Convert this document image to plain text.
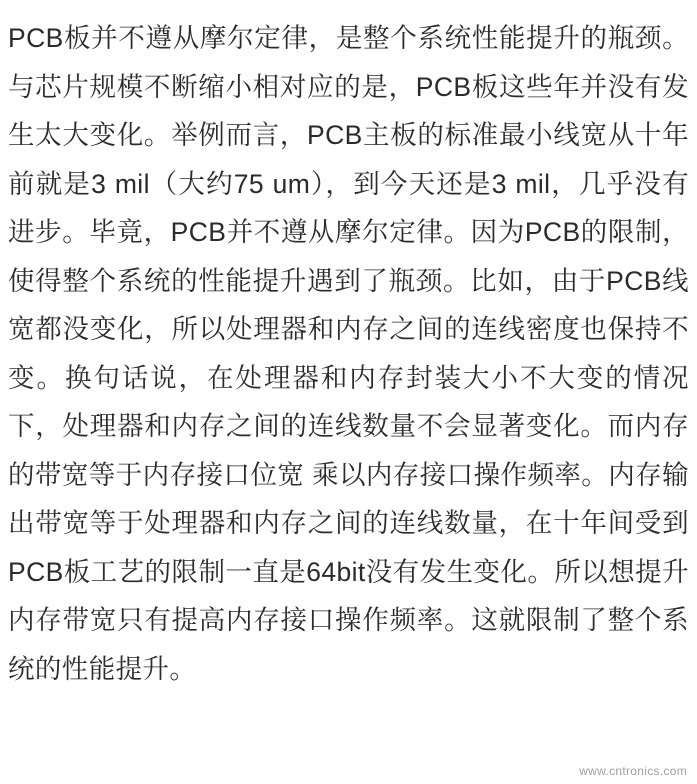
PCB板并不遵从摩尔定律，是整个系统性能提升的瓶颈。与芯片规模不断缩小相对应的是，PCB板这些年并没有发生太大变化。举例而言，PCB主板的标准最小线宽从十年前就是3 mil（大约75 um），到今天还是3 mil，几乎没有进步。毕竟，PCB并不遵从摩尔定律。因为PCB的限制，使得整个系统的性能提升遇到了瓶颈。比如，由于PCB线宽都没变化，所以处理器和内存之间的连线密度也保持不变。换句话说，在处理器和内存封装大小不大变的情况下，处理器和内存之间的连线数量不会显著变化。而内存的带宽等于内存接口位宽 乘以内存接口操作频率。内存输出带宽等于处理器和内存之间的连线数量，在十年间受到PCB板工艺的限制一直是64bit没有发生变化。所以想提升内存带宽只有提高内存接口操作频率。这就限制了整个系统的性能提升。

www.cntronics.com
